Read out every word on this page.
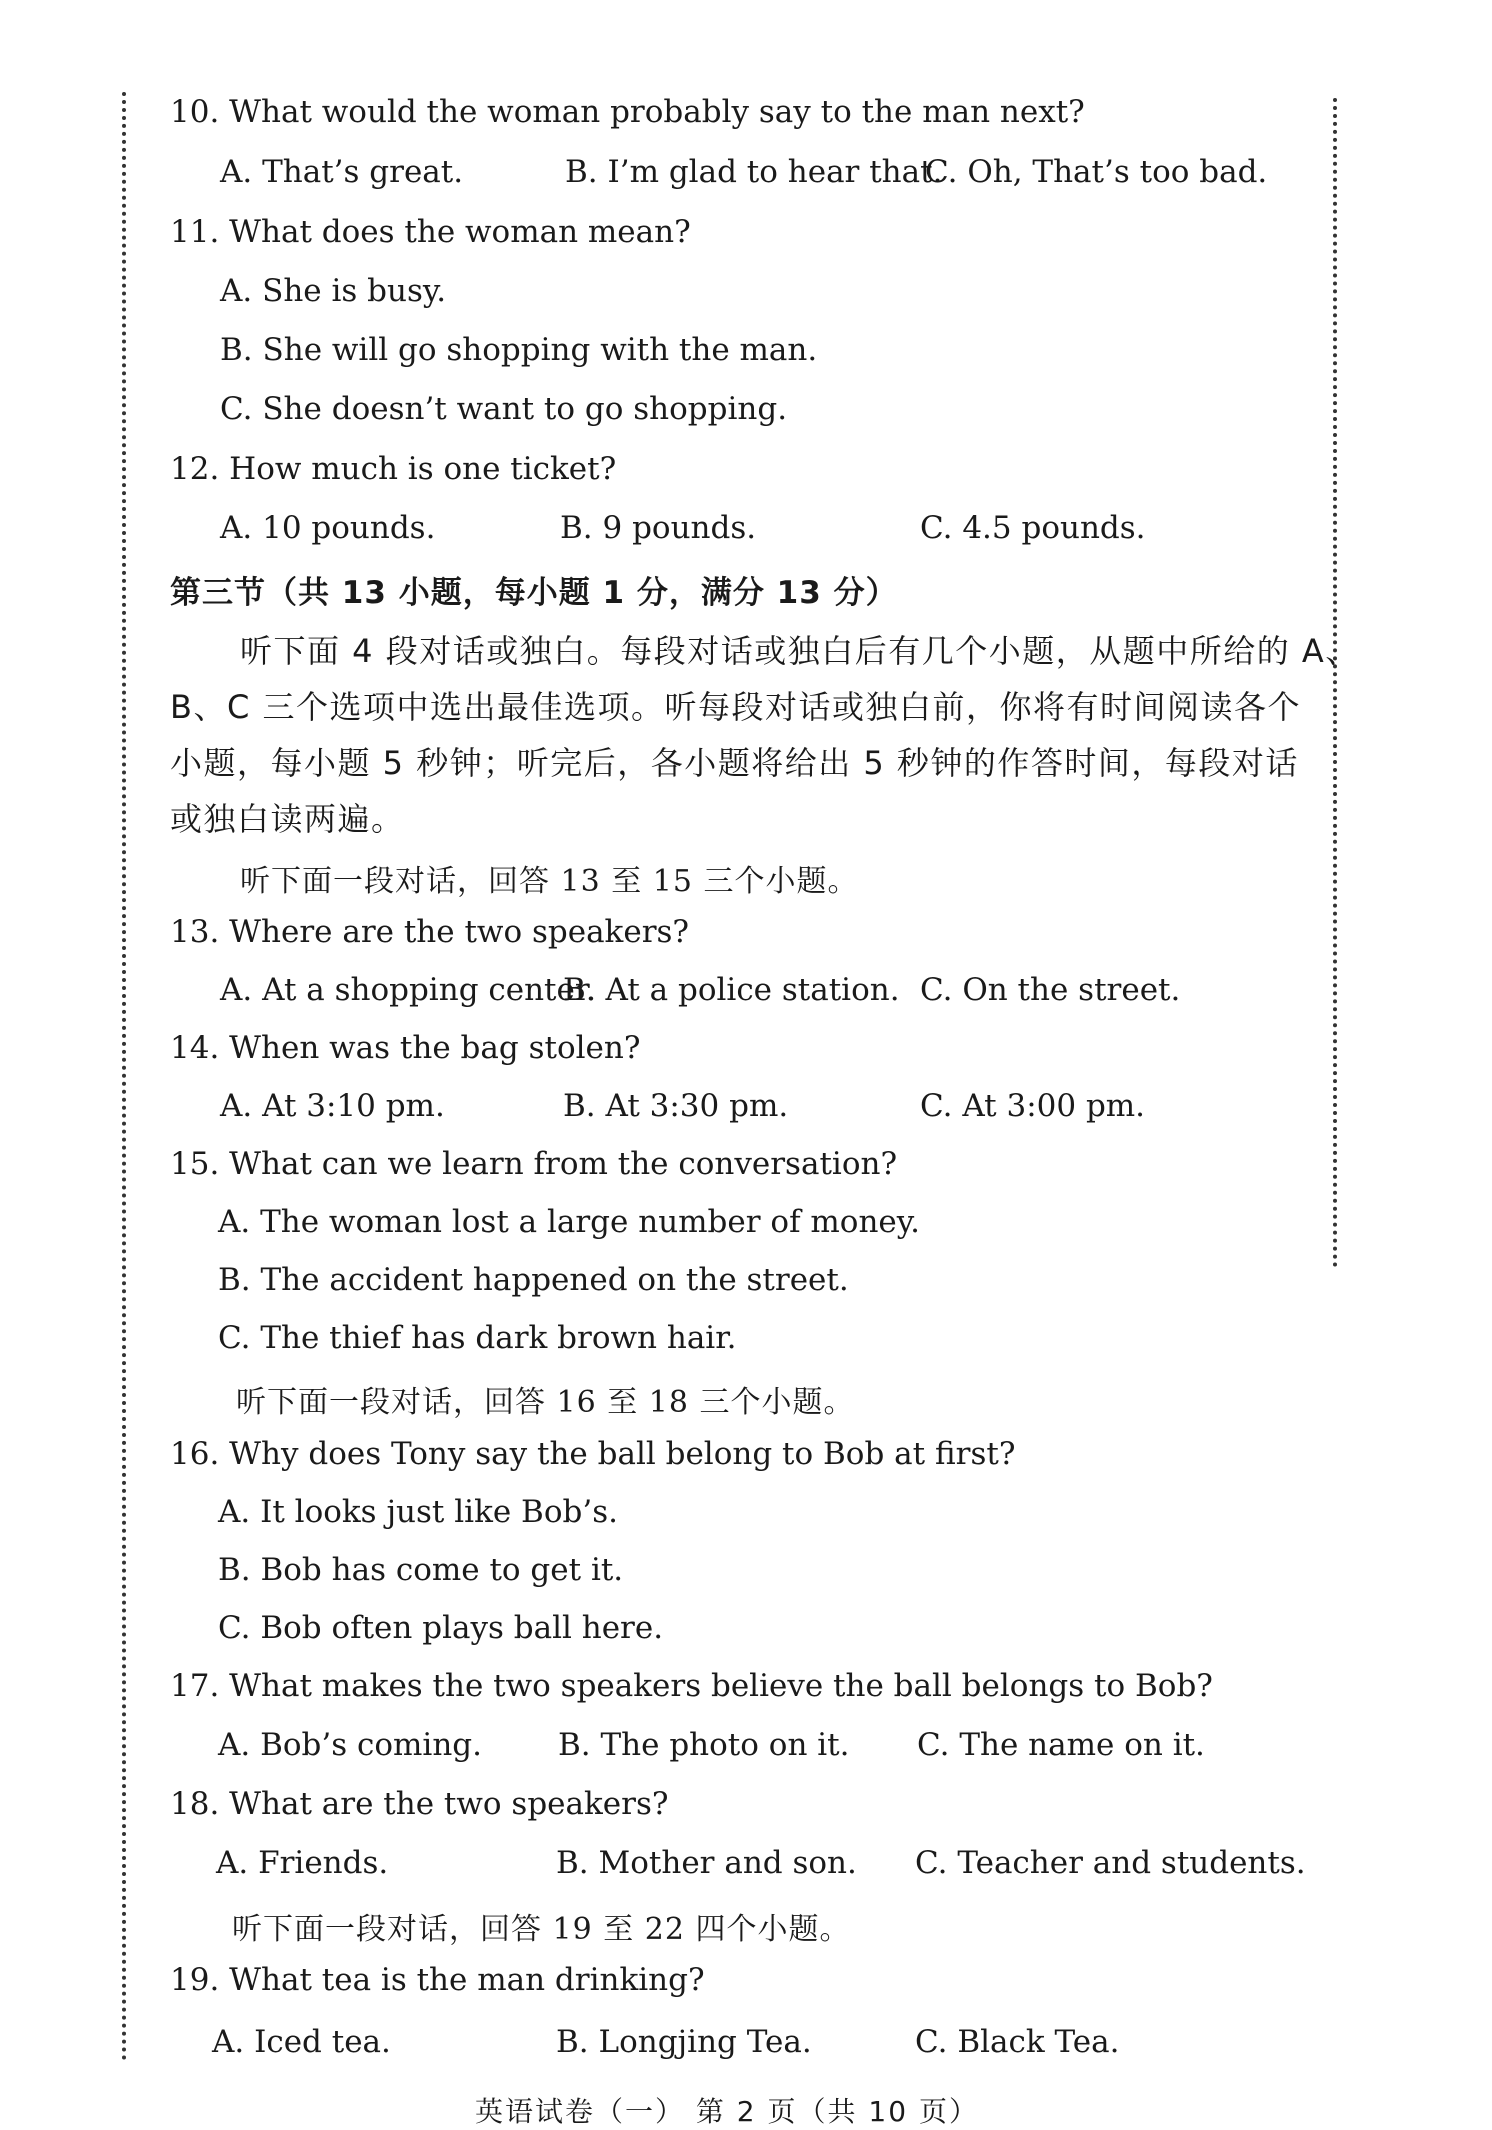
10. What would the woman probably say to the man next?
A. That’s great.	B. I’m glad to hear that.
C. Oh, That’s too bad.
11. What does the woman mean?
A. She is busy.
B. She will go shopping with the man.
C. She doesn’t want to go shopping.
12. How much is one ticket?
A. 10 pounds.	B. 9 pounds.	C. 4.5 pounds.
第三节（共 13 小题，每小题 1 分，满分 13 分）
听下面 4 段对话或独白。每段对话或独白后有几个小题，从题中所给的 A、
B、C 三个选项中选出最佳选项。听每段对话或独白前，你将有时间阅读各个
小题，每小题 5 秒钟；听完后，各小题将给出 5 秒钟的作答时间，每段对话
或独白读两遍。
听下面一段对话，回答 13 至 15 三个小题。
13. Where are the two speakers?
A. At a shopping center.
B. At a police station. C. On the street.
14. When was the bag stolen?
A. At 3:10 pm.	B. At 3:30 pm.	C. At 3:00 pm.
15. What can we learn from the conversation?
A. The woman lost a large number of money.
B. The accident happened on the street.
C. The thief has dark brown hair.
听下面一段对话，回答 16 至 18 三个小题。
16. Why does Tony say the ball belong to Bob at first?
A. It looks just like Bob’s.
B. Bob has come to get it.
C. Bob often plays ball here.
17. What makes the two speakers believe the ball belongs to Bob?
A. Bob’s coming. B. The photo on it. C. The name on it.
18. What are the two speakers?
A. Friends.	B. Mother and son. C. Teacher and students.
听下面一段对话，回答 19 至 22 四个小题。
19. What tea is the man drinking?
A. Iced tea.	B. Longjing Tea.	C. Black Tea.
英语试卷（一） 第 2 页（共 10 页）
